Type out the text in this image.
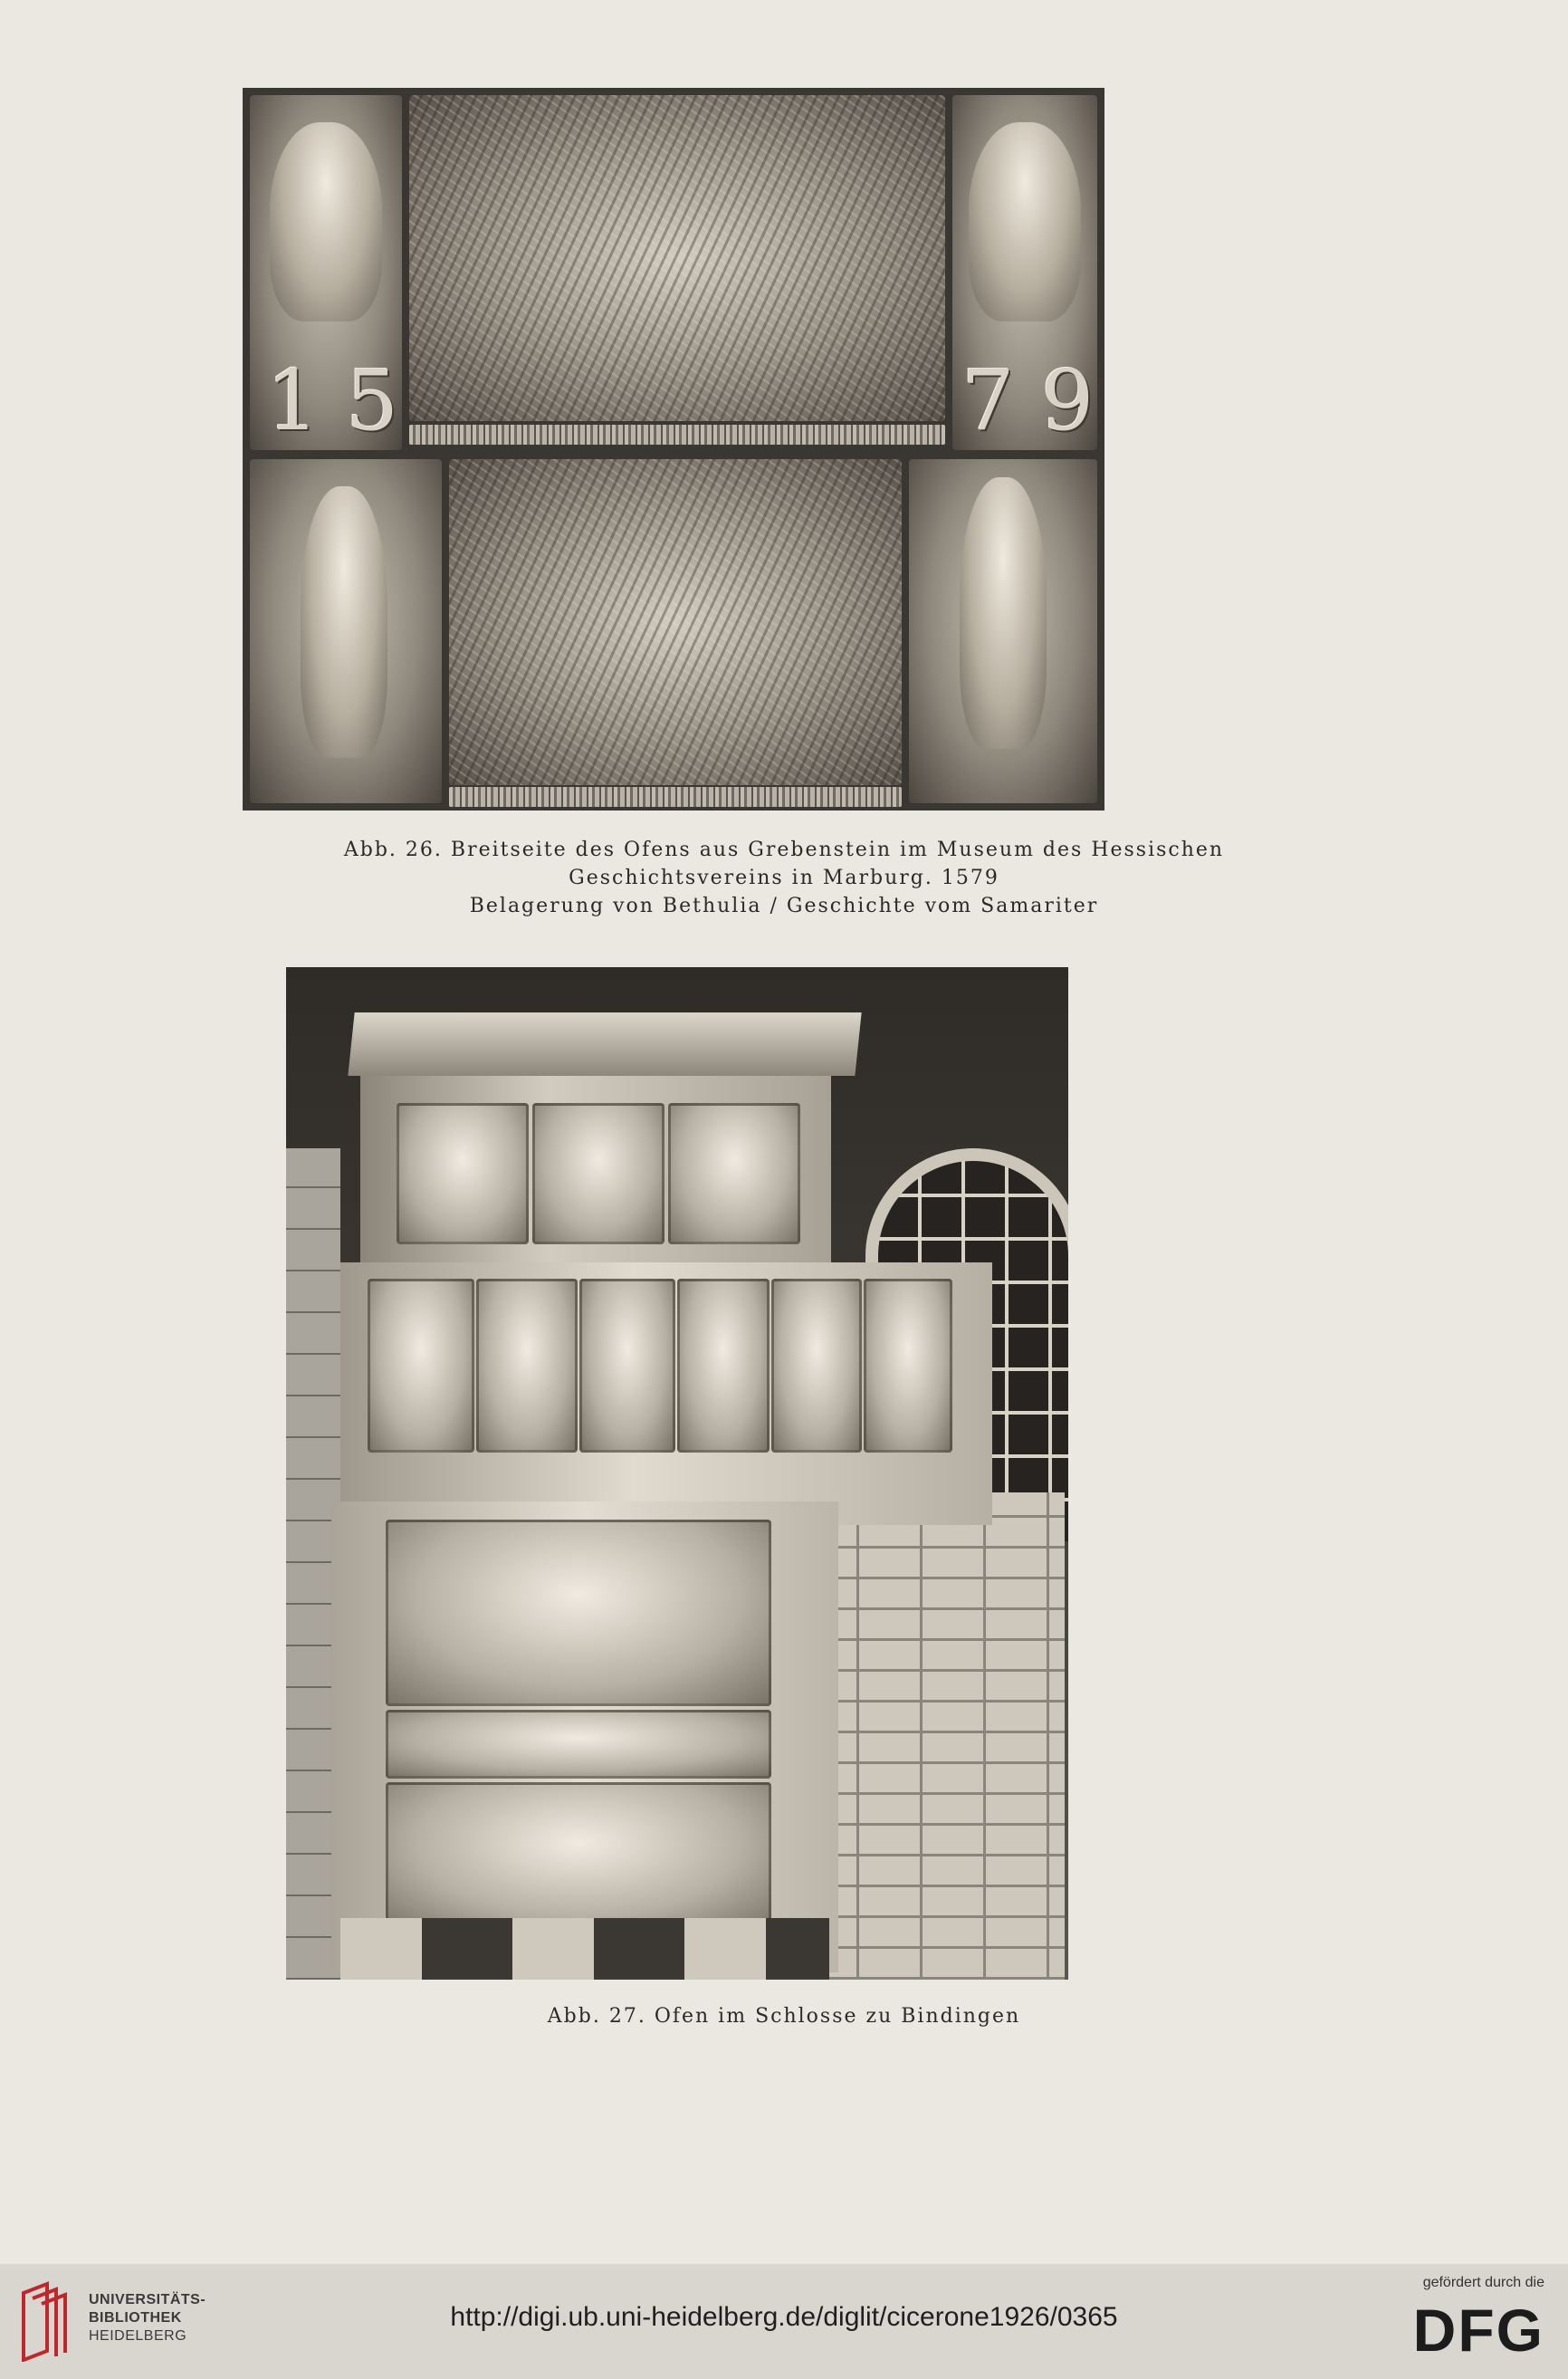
1 5	7 9
Abb. 26. Breitseite des Ofens aus Grebenstein im Museum des Hessischen
Geschichtsvereins in Marburg. 1579
Belagerung von Bethulia / Geschichte vom Samariter
Abb. 27. Ofen im Schlosse zu Bindingen
UNIVERSITÄTS-
BIBLIOTHEK
HEIDELBERG
http://digi.ub.uni-heidelberg.de/diglit/cicerone1926/0365
gefördert durch die
DFG
